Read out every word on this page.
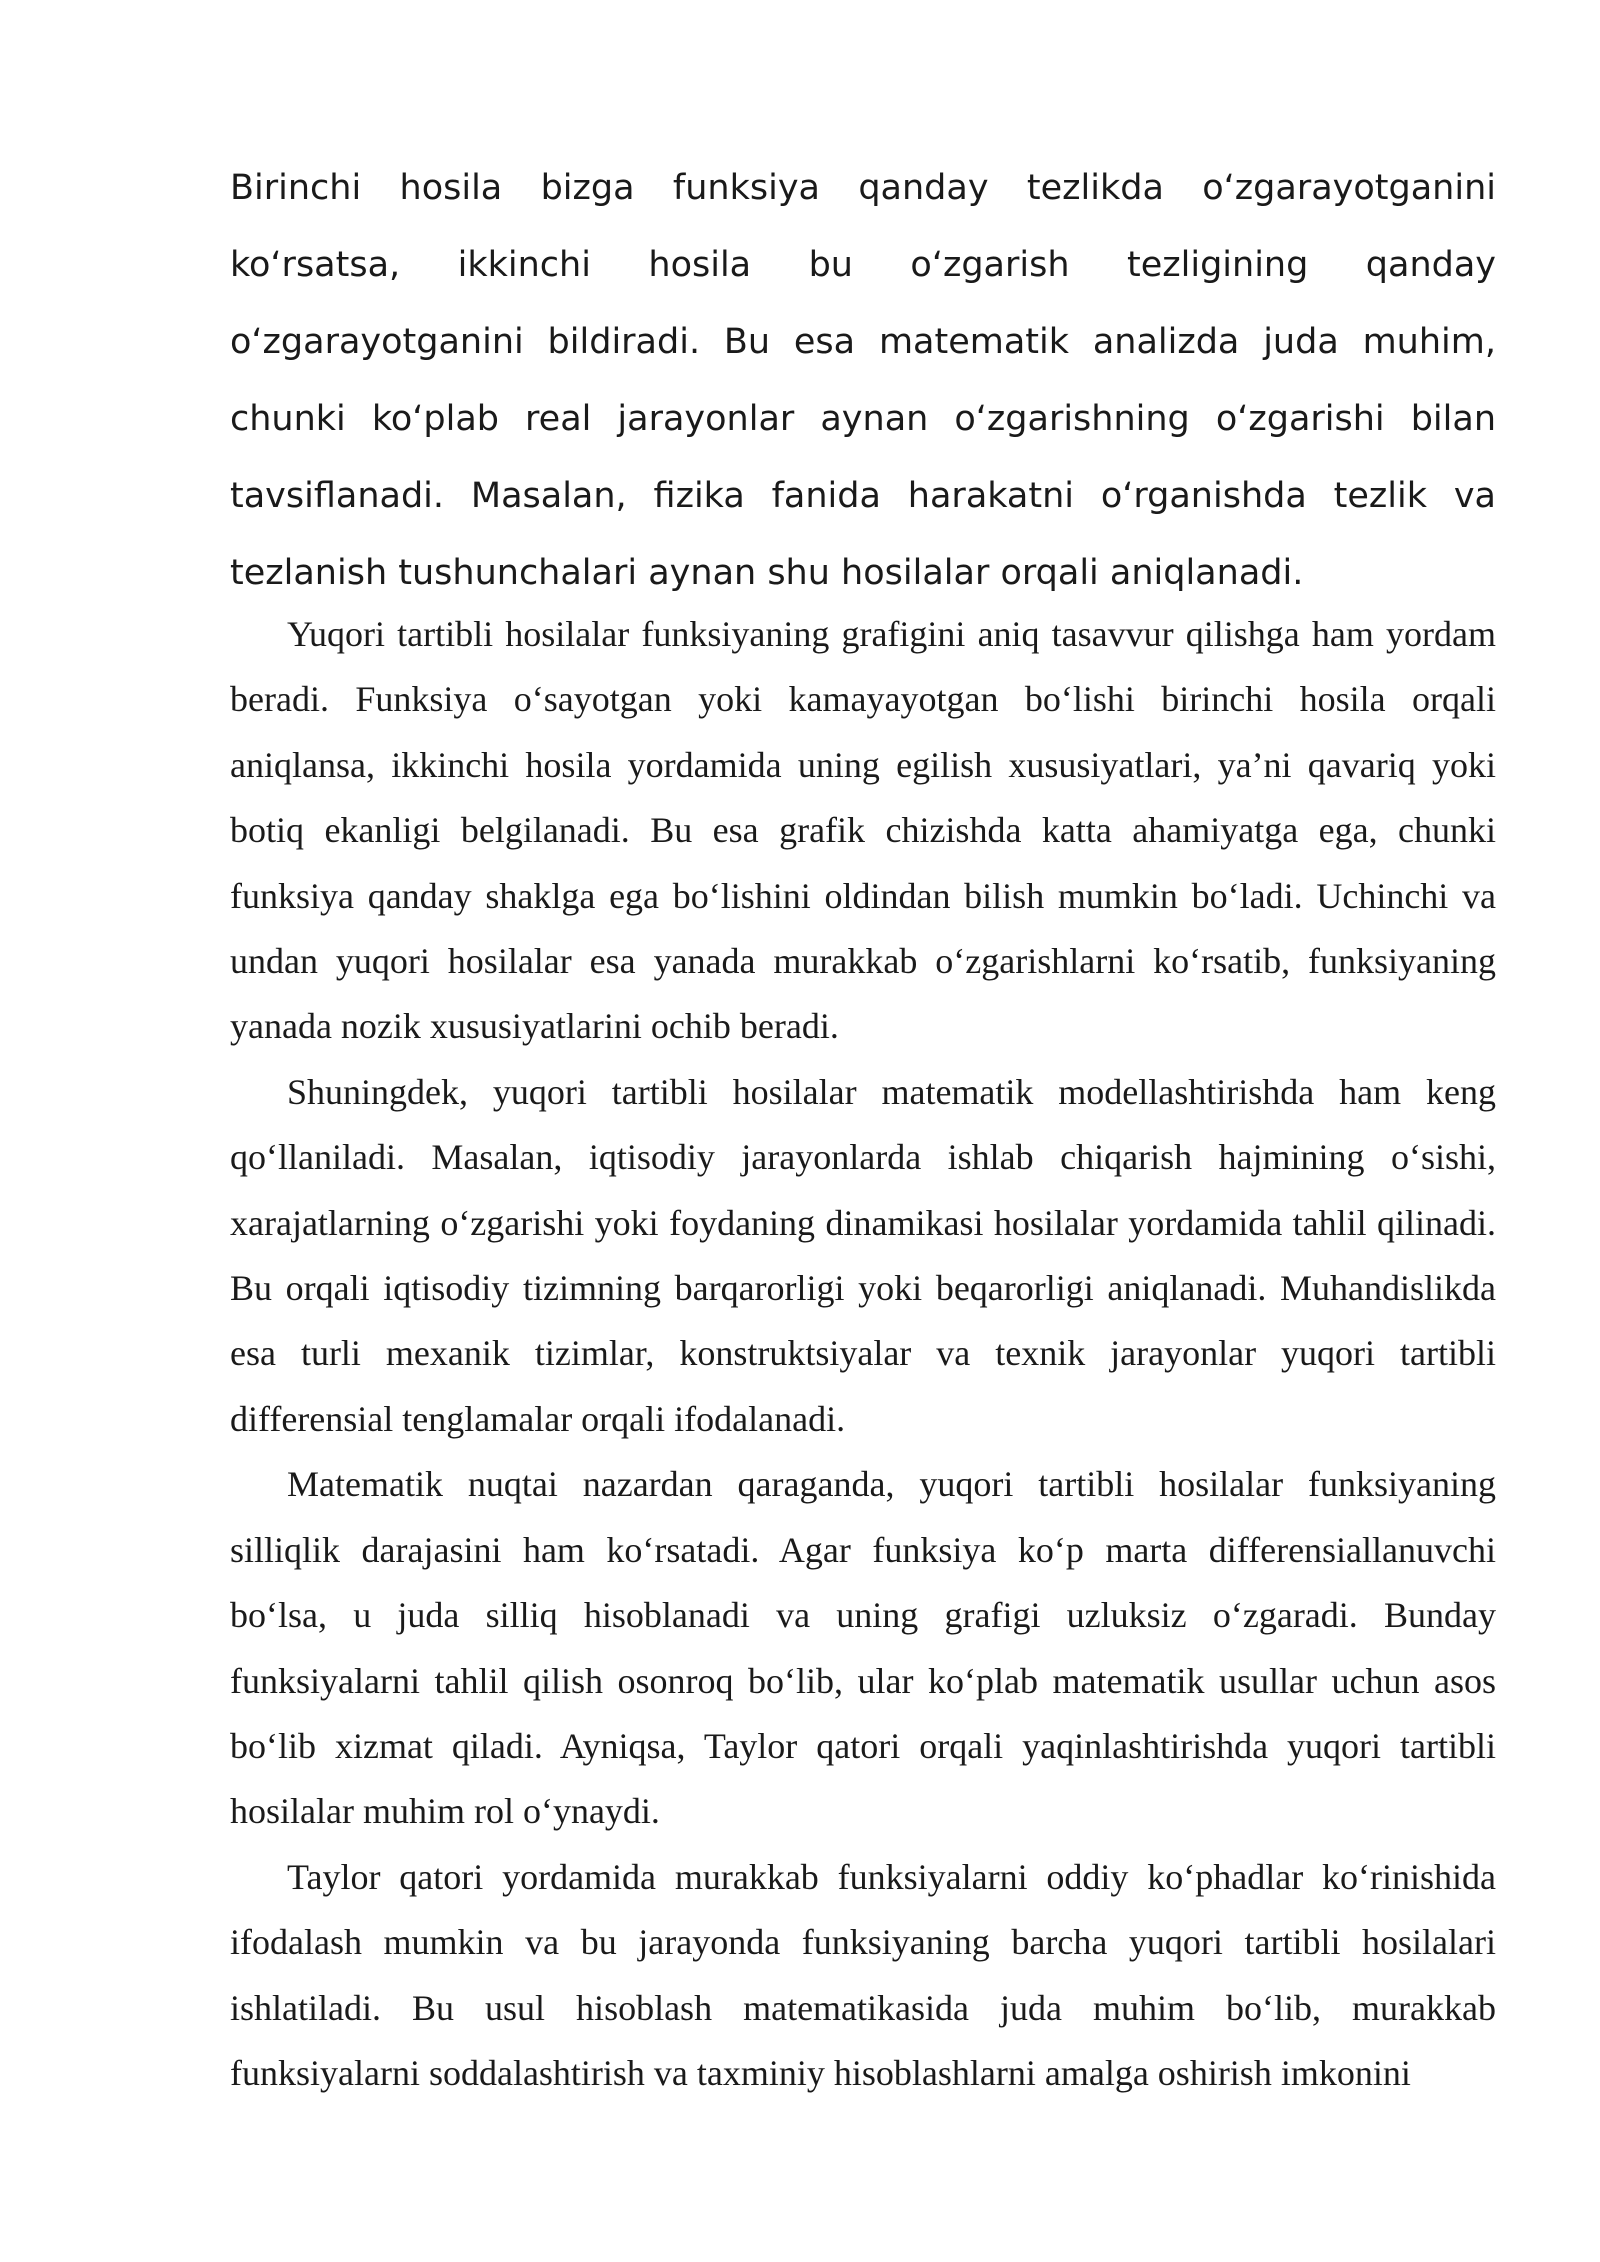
Birinchi hosila bizga funksiya qanday tezlikda oʻzgarayotganini koʻrsatsa, ikkinchi hosila bu oʻzgarish tezligining qanday oʻzgarayotganini bildiradi. Bu esa matematik analizda juda muhim, chunki koʻplab real jarayonlar aynan oʻzgarishning oʻzgarishi bilan tavsiflanadi. Masalan, fizika fanida harakatni oʻrganishda tezlik va tezlanish tushunchalari aynan shu hosilalar orqali aniqlanadi.

Yuqori tartibli hosilalar funksiyaning grafigini aniq tasavvur qilishga ham yordam beradi. Funksiya oʻsayotgan yoki kamayayotgan boʻlishi birinchi hosila orqali aniqlansa, ikkinchi hosila yordamida uning egilish xususiyatlari, ya’ni qavariq yoki botiq ekanligi belgilanadi. Bu esa grafik chizishda katta ahamiyatga ega, chunki funksiya qanday shaklga ega boʻlishini oldindan bilish mumkin boʻladi. Uchinchi va undan yuqori hosilalar esa yanada murakkab oʻzgarishlarni koʻrsatib, funksiyaning yanada nozik xususiyatlarini ochib beradi.

Shuningdek, yuqori tartibli hosilalar matematik modellashtirishda ham keng qoʻllaniladi. Masalan, iqtisodiy jarayonlarda ishlab chiqarish hajmining oʻsishi, xarajatlarning oʻzgarishi yoki foydaning dinamikasi hosilalar yordamida tahlil qilinadi. Bu orqali iqtisodiy tizimning barqarorligi yoki beqarorligi aniqlanadi. Muhandislikda esa turli mexanik tizimlar, konstruktsiyalar va texnik jarayonlar yuqori tartibli differensial tenglamalar orqali ifodalanadi.

Matematik nuqtai nazardan qaraganda, yuqori tartibli hosilalar funksiyaning silliqlik darajasini ham koʻrsatadi. Agar funksiya koʻp marta differensiallanuvchi boʻlsa, u juda silliq hisoblanadi va uning grafigi uzluksiz oʻzgaradi. Bunday funksiyalarni tahlil qilish osonroq boʻlib, ular koʻplab matematik usullar uchun asos boʻlib xizmat qiladi. Ayniqsa, Taylor qatori orqali yaqinlashtirishda yuqori tartibli hosilalar muhim rol oʻynaydi.

Taylor qatori yordamida murakkab funksiyalarni oddiy koʻphadlar koʻrinishida ifodalash mumkin va bu jarayonda funksiyaning barcha yuqori tartibli hosilalari ishlatiladi. Bu usul hisoblash matematikasida juda muhim boʻlib, murakkab funksiyalarni soddalashtirish va taxminiy hisoblashlarni amalga oshirish imkonini
